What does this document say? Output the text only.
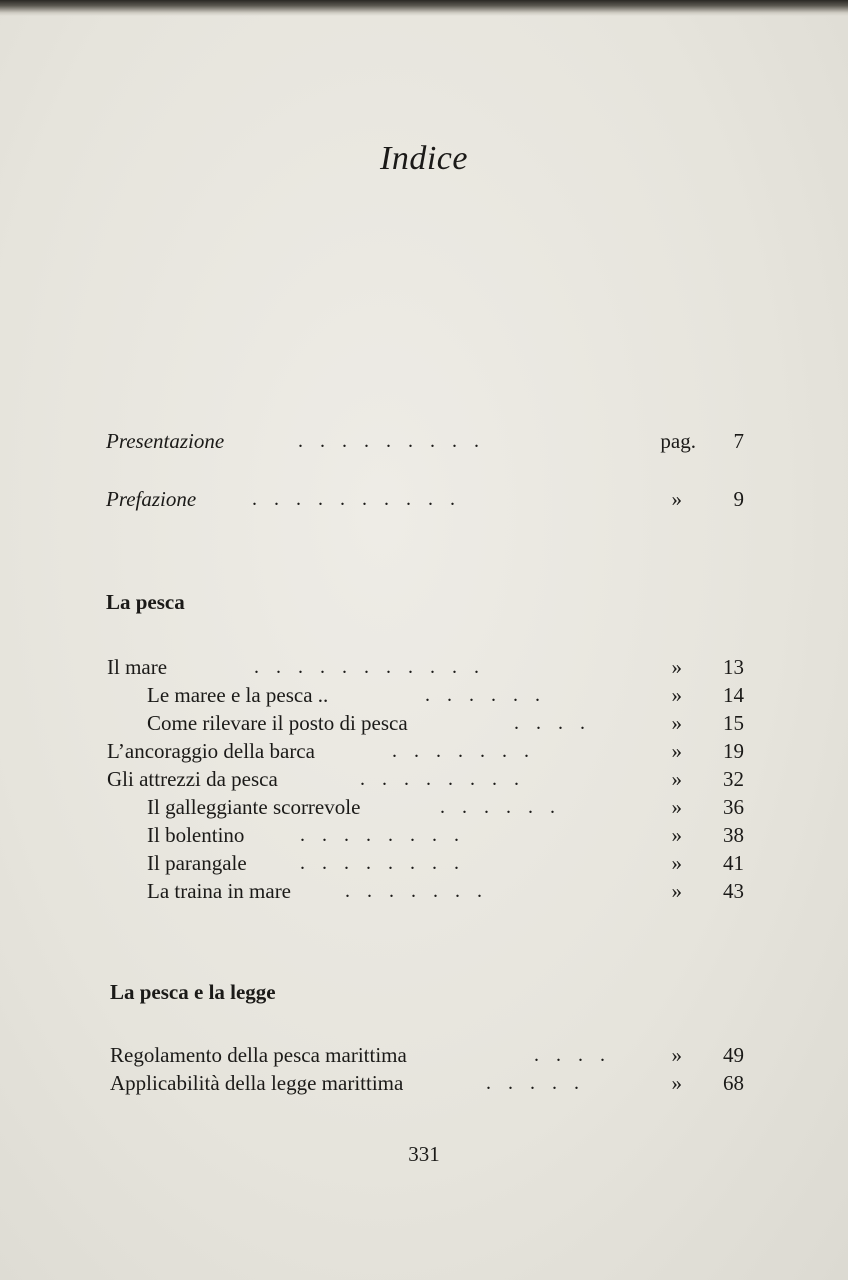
Indice
Presentazione	. . . . . . . . .	pag. 7
Prefazione	. . . . . . . . . .	» 9
La pesca
Il mare	. . . . . . . . . . .	» 13
Le maree e la pesca ..	. . . . . .	» 14
Come rilevare il posto di pesca	. . . .	» 15
L’ancoraggio della barca	. . . . . . .	» 19
Gli attrezzi da pesca	. . . . . . . .	» 32
Il galleggiante scorrevole	. . . . . .	» 36
Il bolentino	. . . . . . . .	» 38
Il parangale	. . . . . . . .	» 41
La traina in mare	. . . . . . .	» 43
La pesca e la legge
Regolamento della pesca marittima	. . . .	» 49
Applicabilità della legge marittima	. . . . .	» 68
331
